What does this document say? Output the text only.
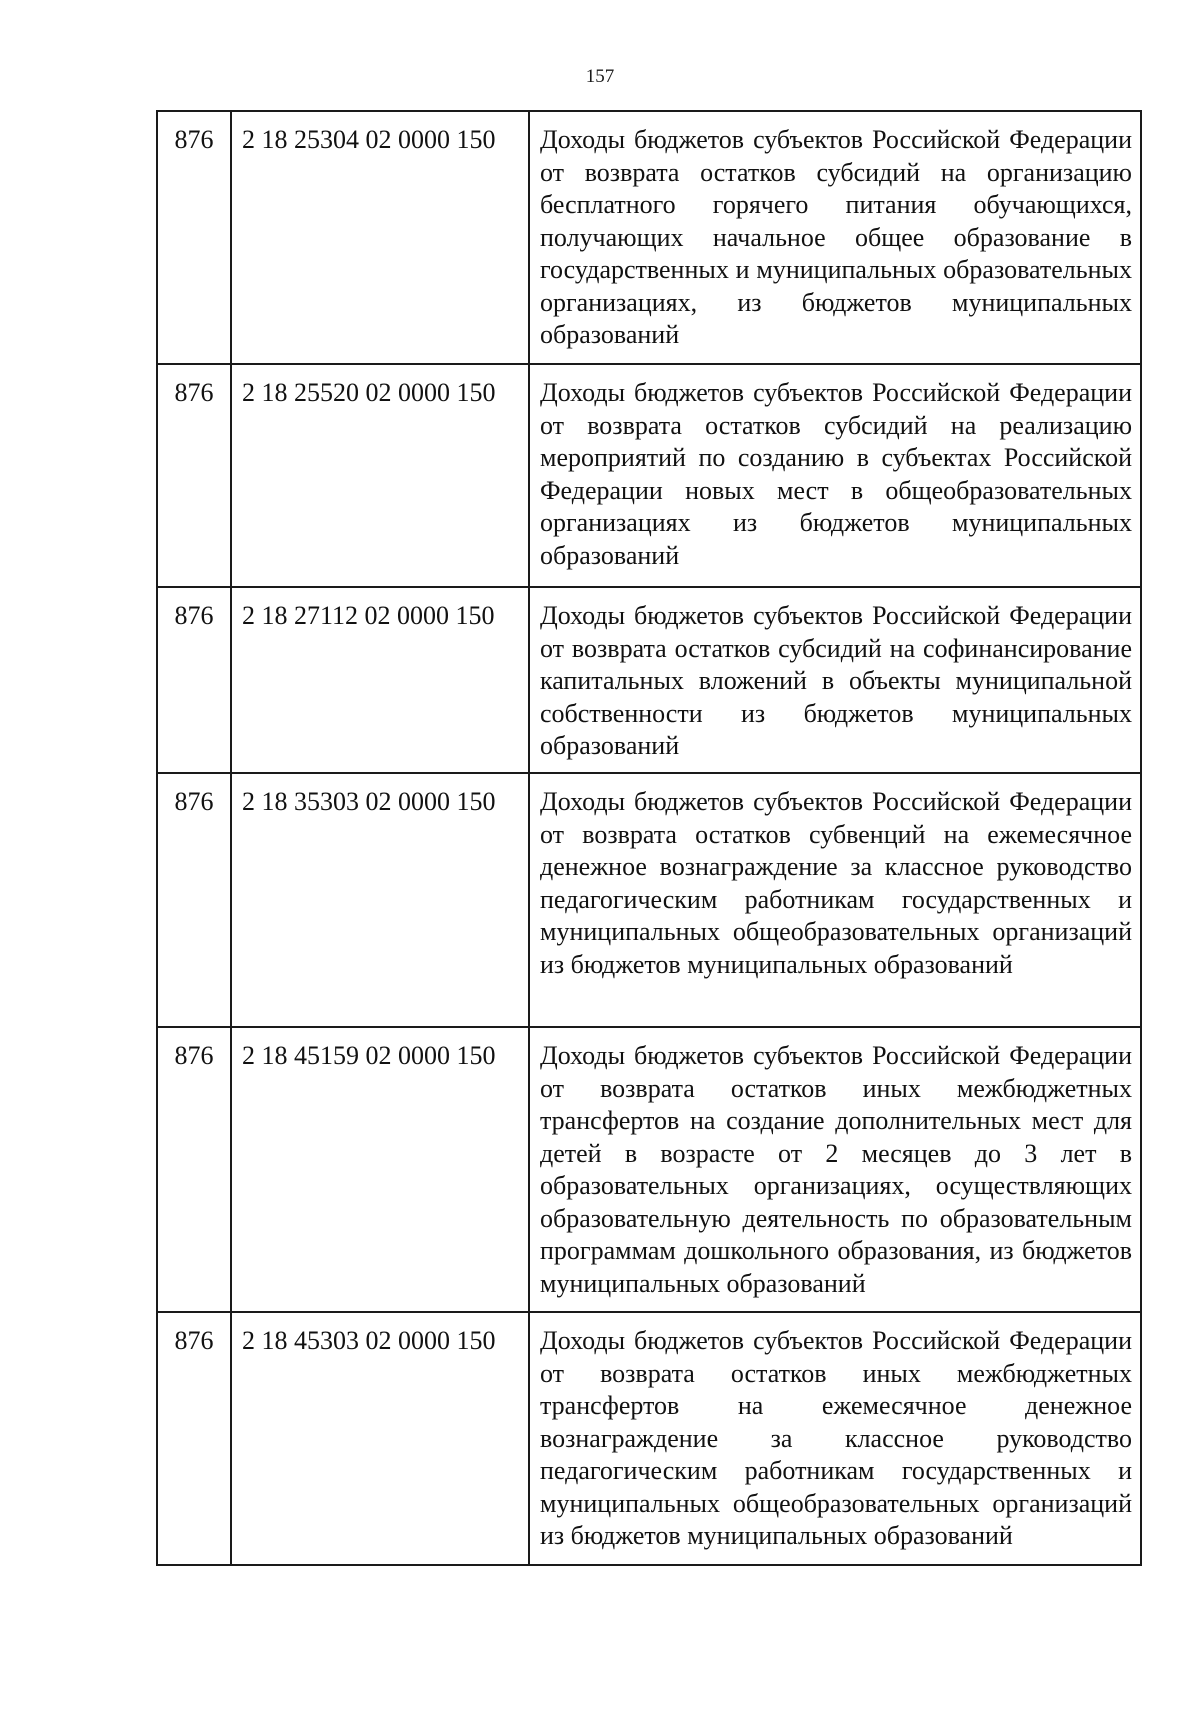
157
876	2 18 25304 02 0000 150	Доходы бюджетов субъектов Российской Федерации от возврата остатков субсидий на организацию бесплатного горячего питания обучающихся, получающих начальное общее образование в государственных и муниципальных образовательных организациях, из бюджетов муниципальных образований
876	2 18 25520 02 0000 150	Доходы бюджетов субъектов Российской Федерации от возврата остатков субсидий на реализацию мероприятий по созданию в субъектах Российской Федерации новых мест в общеобразовательных организациях из бюджетов муниципальных образований
876	2 18 27112 02 0000 150	Доходы бюджетов субъектов Российской Федерации от возврата остатков субсидий на софинансирование капитальных вложений в объекты муниципальной собственности из бюджетов муниципальных образований
876	2 18 35303 02 0000 150	Доходы бюджетов субъектов Российской Федерации от возврата остатков субвенций на ежемесячное денежное вознаграждение за классное руководство педагогическим работникам государственных и муниципальных общеобразовательных организаций из бюджетов муниципальных образований
876	2 18 45159 02 0000 150	Доходы бюджетов субъектов Российской Федерации от возврата остатков иных межбюджетных трансфертов на создание дополнительных мест для детей в возрасте от 2 месяцев до 3 лет в образовательных организациях, осуществляющих образовательную деятельность по образовательным программам дошкольного образования, из бюджетов муниципальных образований
876	2 18 45303 02 0000 150	Доходы бюджетов субъектов Российской Федерации от возврата остатков иных межбюджетных трансфертов на ежемесячное денежное вознаграждение за классное руководство педагогическим работникам государственных и муниципальных общеобразовательных организаций из бюджетов муниципальных образований
